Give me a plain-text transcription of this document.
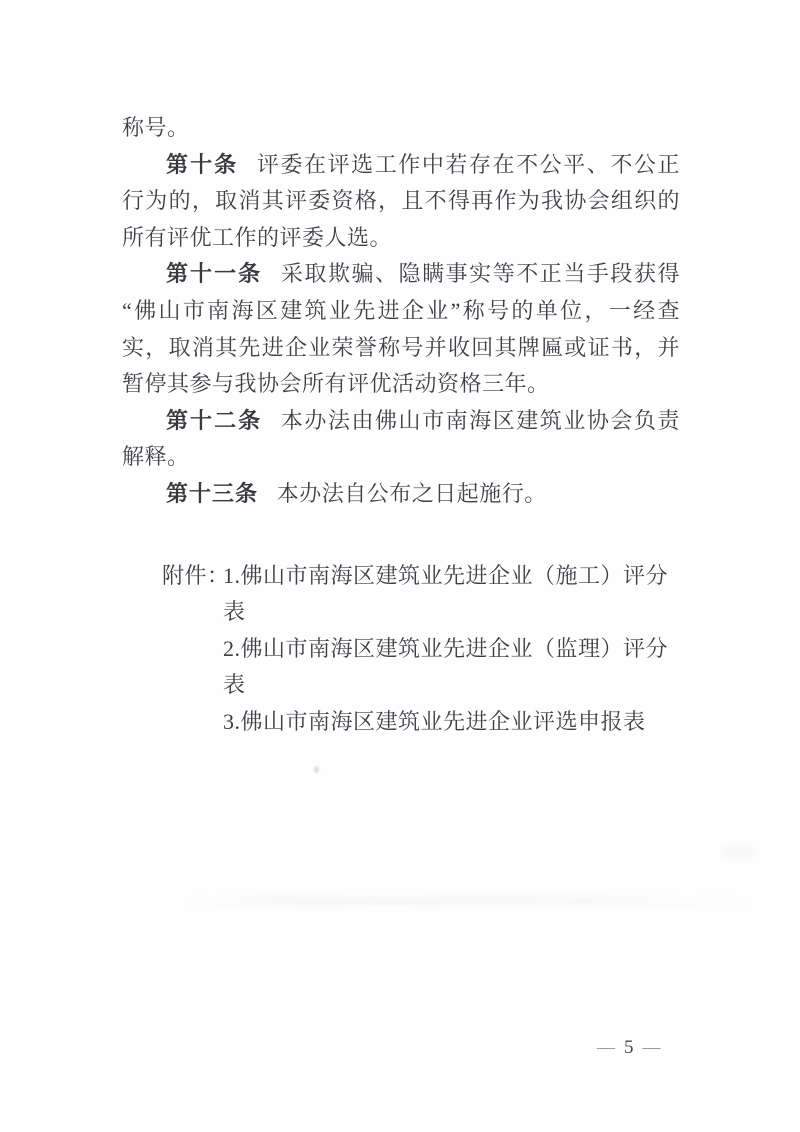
称号。

第十条 评委在评选工作中若存在不公平、不公正行为的，取消其评委资格，且不得再作为我协会组织的所有评优工作的评委人选。

第十一条 采取欺骗、隐瞒事实等不正当手段获得“佛山市南海区建筑业先进企业”称号的单位，一经查实，取消其先进企业荣誉称号并收回其牌匾或证书，并暂停其参与我协会所有评优活动资格三年。

第十二条 本办法由佛山市南海区建筑业协会负责解释。

第十三条 本办法自公布之日起施行。

附件：
1.佛山市南海区建筑业先进企业（施工）评分表
2.佛山市南海区建筑业先进企业（监理）评分表
3.佛山市南海区建筑业先进企业评选申报表
— 5 —
